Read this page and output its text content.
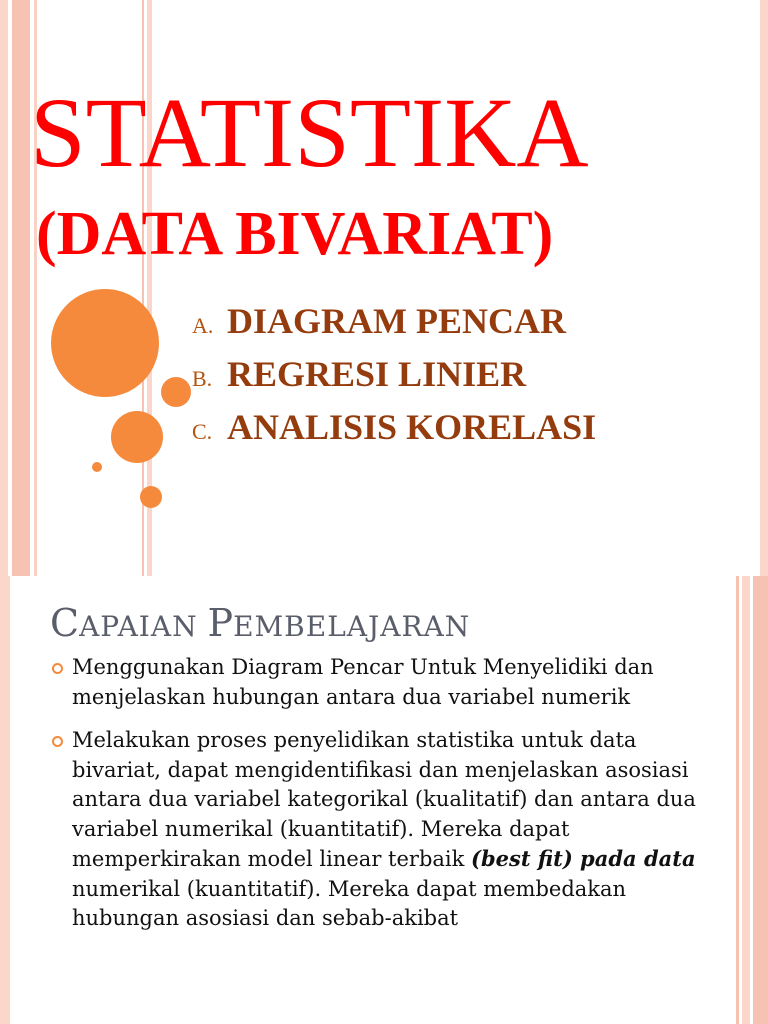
STATISTIKA
(DATA BIVARIAT)
A. DIAGRAM PENCAR
B. REGRESI LINIER
C. ANALISIS KORELASI
CAPAIAN PEMBELAJARAN
Menggunakan Diagram Pencar Untuk Menyelidiki dan menjelaskan hubungan antara dua variabel numerik
Melakukan proses penyelidikan statistika untuk data bivariat, dapat mengidentifikasi dan menjelaskan asosiasi antara dua variabel kategorikal (kualitatif) dan antara dua variabel numerikal (kuantitatif). Mereka dapat memperkirakan model linear terbaik (best fit) pada data numerikal (kuantitatif). Mereka dapat membedakan hubungan asosiasi dan sebab-akibat
